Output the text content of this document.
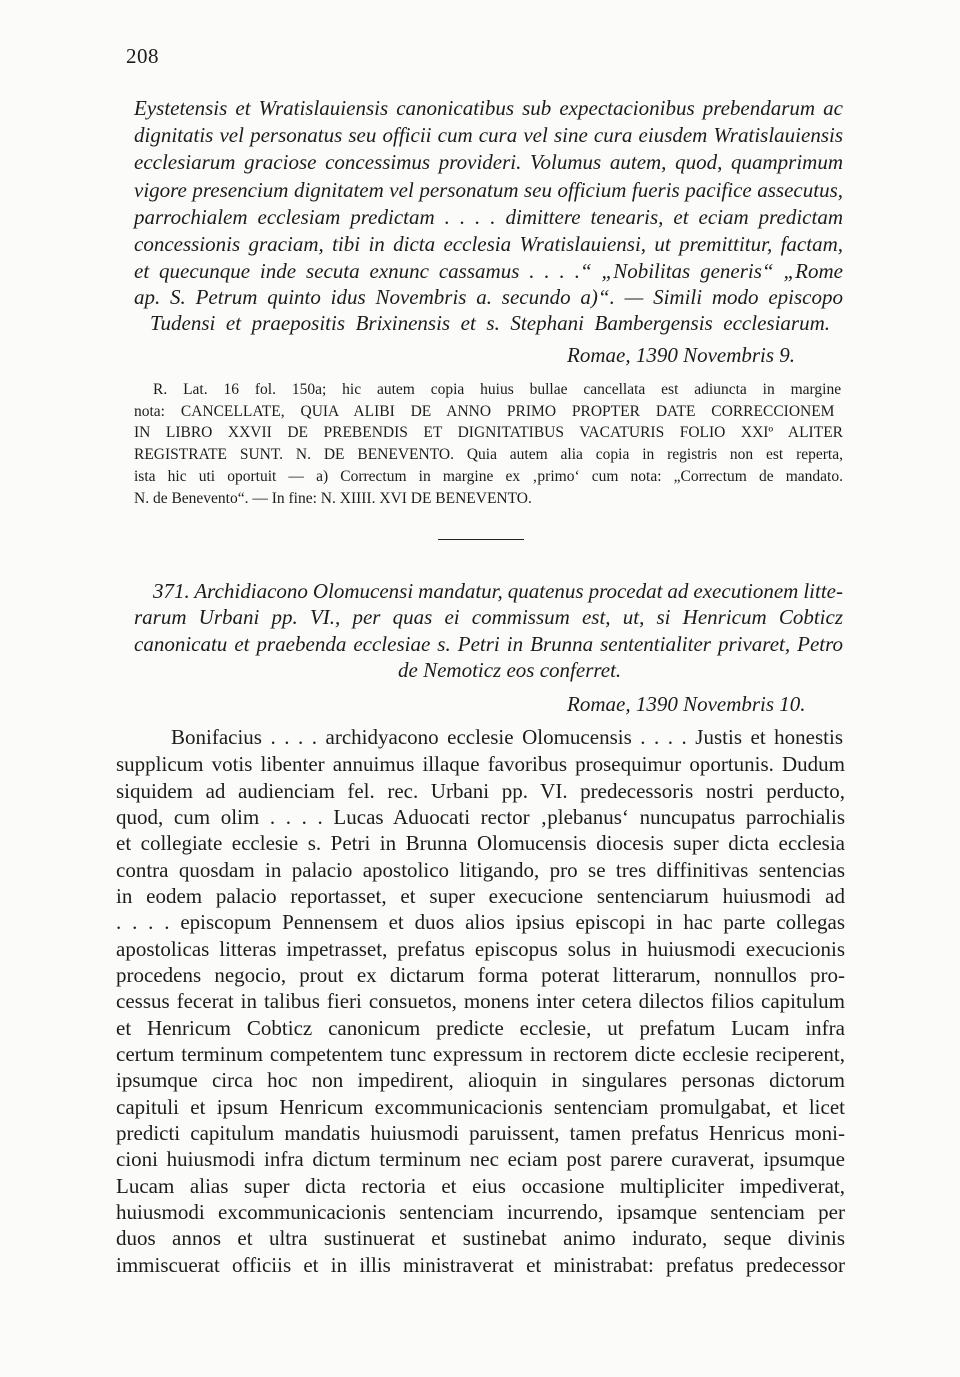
208
Eystetensis et Wratislauiensis canonicatibus sub expectacionibus prebendarum ac
dignitatis vel personatus seu officii cum cura vel sine cura eiusdem Wratislauiensis
ecclesiarum graciose concessimus provideri. Volumus autem, quod, quamprimum
vigore presencium dignitatem vel personatum seu officium fueris pacifice assecutus,
parrochialem ecclesiam predictam . . . . dimittere tenearis, et eciam predictam
concessionis graciam, tibi in dicta ecclesia Wratislauiensi, ut premittitur, factam,
et quecunque inde secuta exnunc cassamus . . . .“ „Nobilitas generis“ „Rome
ap. S. Petrum quinto idus Novembris a. secundo a)“. — Simili modo episcopo
Tudensi et praepositis Brixinensis et s. Stephani Bambergensis ecclesiarum.
Romae, 1390 Novembris 9.
R. Lat. 16 fol. 150a; hic autem copia huius bullae cancellata est adiuncta in margine
nota: CANCELLATE, QUIA ALIBI DE ANNO PRIMO PROPTER DATE CORRECCIONEM
IN LIBRO XXVII DE PREBENDIS ET DIGNITATIBUS VACATURIS FOLIO XXIº ALITER
REGISTRATE SUNT. N. DE BENEVENTO. Quia autem alia copia in registris non est reperta,
ista hic uti oportuit — a) Correctum in margine ex ‚primo‘ cum nota: „Correctum de mandato.
N. de Benevento“. — In fine: N. XIIII. XVI DE BENEVENTO.
371. Archidiacono Olomucensi mandatur, quatenus procedat ad executionem litte-
rarum Urbani pp. VI., per quas ei commissum est, ut, si Henricum Cobticz
canonicatu et praebenda ecclesiae s. Petri in Brunna sententialiter privaret, Petro
de Nemoticz eos conferret.
Romae, 1390 Novembris 10.
Bonifacius . . . . archidyacono ecclesie Olomucensis . . . . Justis et honestis
supplicum votis libenter annuimus illaque favoribus prosequimur oportunis. Dudum
siquidem ad audienciam fel. rec. Urbani pp. VI. predecessoris nostri perducto,
quod, cum olim . . . . Lucas Aduocati rector ‚plebanus‘ nuncupatus parrochialis
et collegiate ecclesie s. Petri in Brunna Olomucensis diocesis super dicta ecclesia
contra quosdam in palacio apostolico litigando, pro se tres diffinitivas sentencias
in eodem palacio reportasset, et super execucione sentenciarum huiusmodi ad
. . . . episcopum Pennensem et duos alios ipsius episcopi in hac parte collegas
apostolicas litteras impetrasset, prefatus episcopus solus in huiusmodi execucionis
procedens negocio, prout ex dictarum forma poterat litterarum, nonnullos pro-
cessus fecerat in talibus fieri consuetos, monens inter cetera dilectos filios capitulum
et Henricum Cobticz canonicum predicte ecclesie, ut prefatum Lucam infra
certum terminum competentem tunc expressum in rectorem dicte ecclesie reciperent,
ipsumque circa hoc non impedirent, alioquin in singulares personas dictorum
capituli et ipsum Henricum excommunicacionis sentenciam promulgabat, et licet
predicti capitulum mandatis huiusmodi paruissent, tamen prefatus Henricus moni-
cioni huiusmodi infra dictum terminum nec eciam post parere curaverat, ipsumque
Lucam alias super dicta rectoria et eius occasione multipliciter impediverat,
huiusmodi excommunicacionis sentenciam incurrendo, ipsamque sentenciam per
duos annos et ultra sustinuerat et sustinebat animo indurato, seque divinis
immiscuerat officiis et in illis ministraverat et ministrabat: prefatus predecessor
